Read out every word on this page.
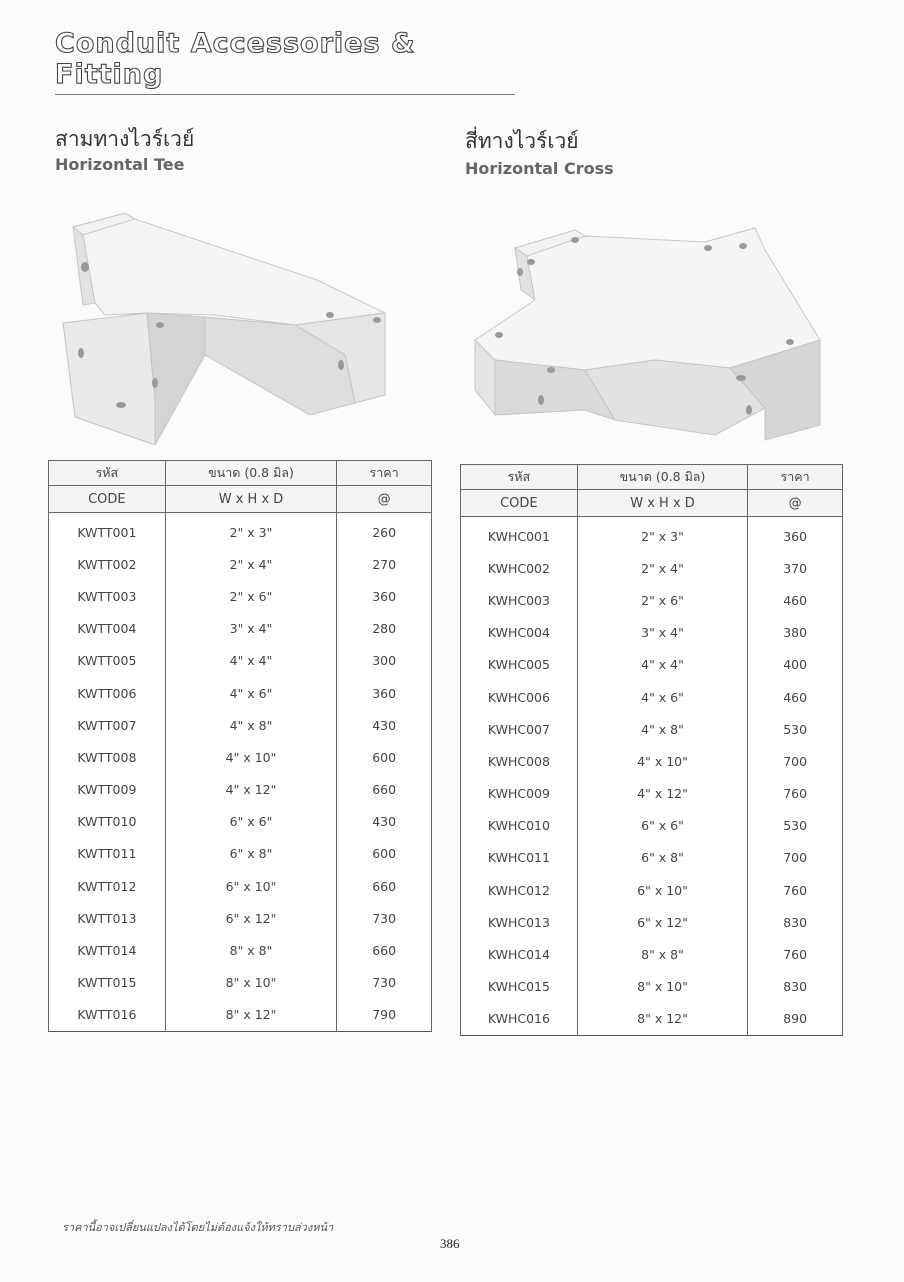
Conduit Accessories & Fitting
สามทางไวร์เวย์
Horizontal Tee
สี่ทางไวร์เวย์
Horizontal Cross
รหัส	ขนาด (0.8 มิล)	ราคา
CODE	W x H x D	@
KWTT001	2" x 3"	260
KWTT002	2" x 4"	270
KWTT003	2" x 6"	360
KWTT004	3" x 4"	280
KWTT005	4" x 4"	300
KWTT006	4" x 6"	360
KWTT007	4" x 8"	430
KWTT008	4" x 10"	600
KWTT009	4" x 12"	660
KWTT010	6" x 6"	430
KWTT011	6" x 8"	600
KWTT012	6" x 10"	660
KWTT013	6" x 12"	730
KWTT014	8" x 8"	660
KWTT015	8" x 10"	730
KWTT016	8" x 12"	790
รหัส	ขนาด (0.8 มิล)	ราคา
CODE	W x H x D	@
KWHC001	2" x 3"	360
KWHC002	2" x 4"	370
KWHC003	2" x 6"	460
KWHC004	3" x 4"	380
KWHC005	4" x 4"	400
KWHC006	4" x 6"	460
KWHC007	4" x 8"	530
KWHC008	4" x 10"	700
KWHC009	4" x 12"	760
KWHC010	6" x 6"	530
KWHC011	6" x 8"	700
KWHC012	6" x 10"	760
KWHC013	6" x 12"	830
KWHC014	8" x 8"	760
KWHC015	8" x 10"	830
KWHC016	8" x 12"	890
ราคานี้อาจเปลี่ยนแปลงได้โดยไม่ต้องแจ้งให้ทราบล่วงหน้า
386
